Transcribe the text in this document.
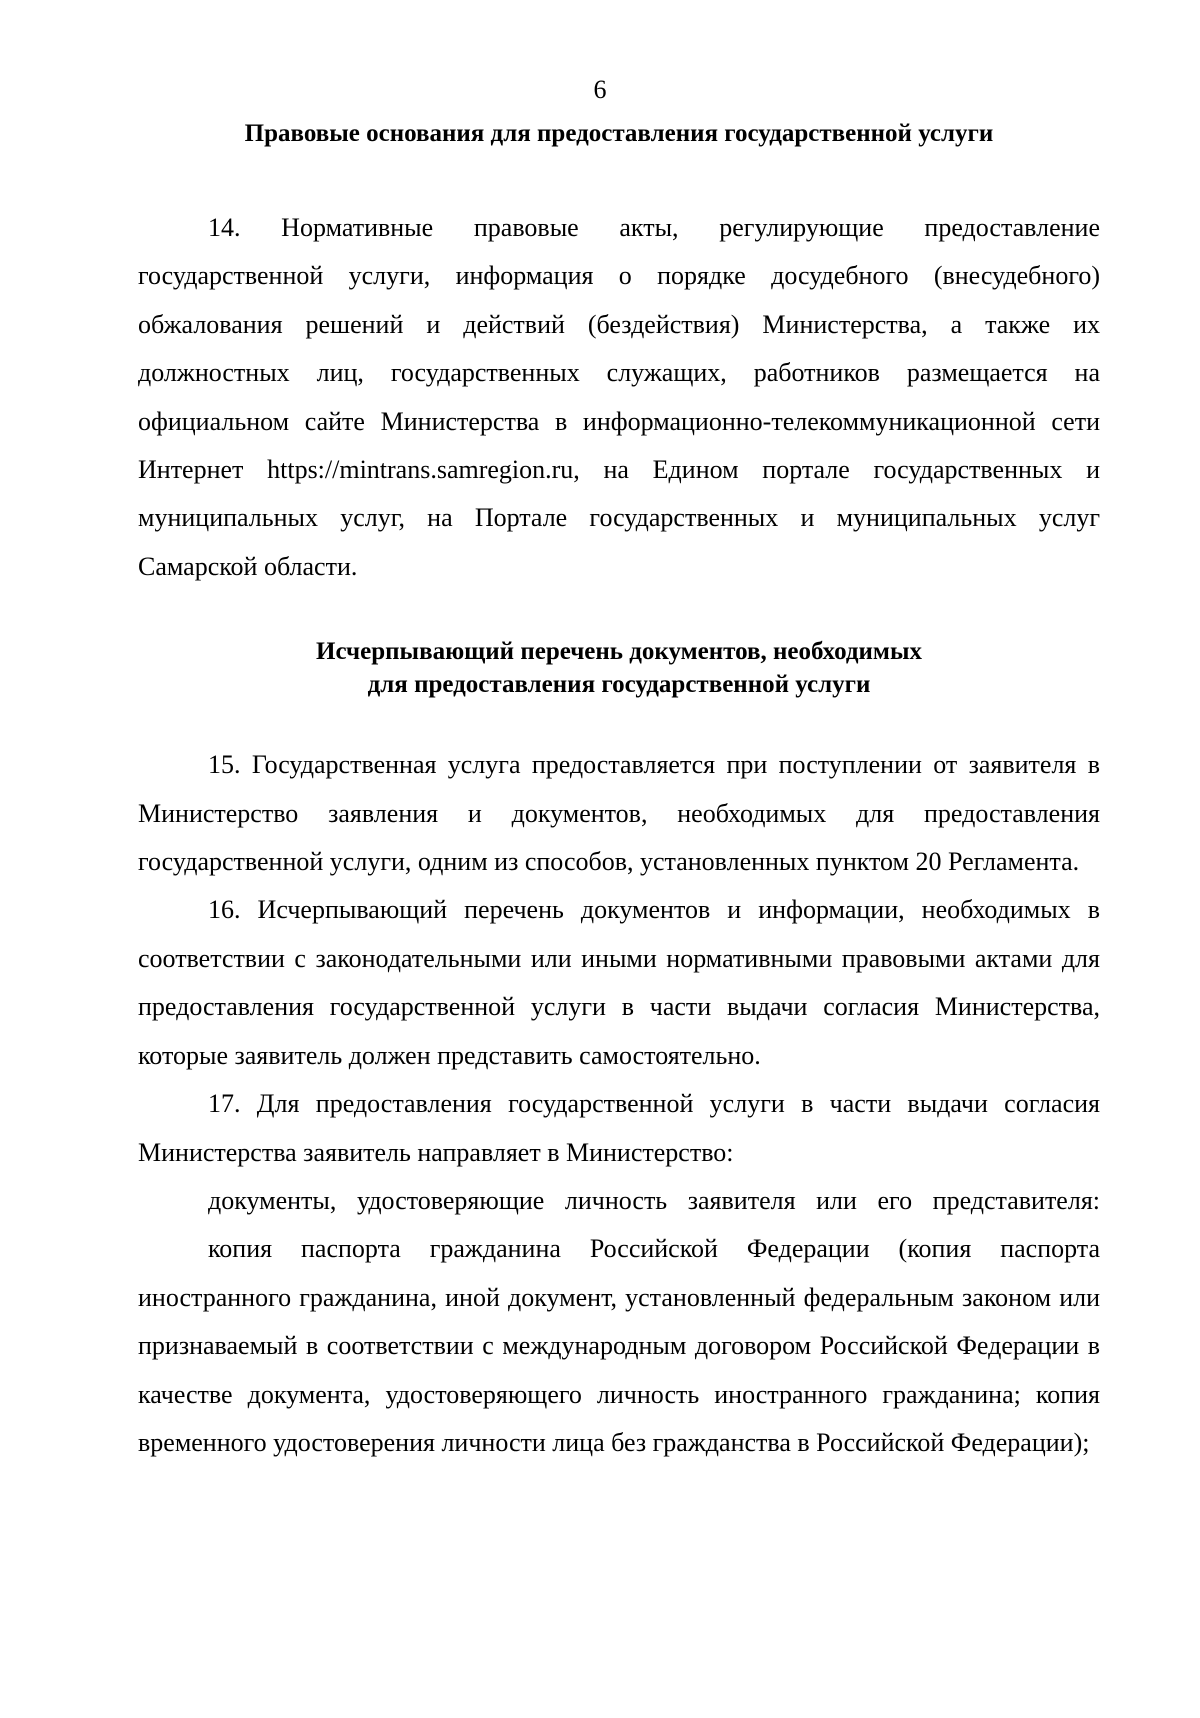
6
Правовые основания для предоставления государственной услуги

14. Нормативные правовые акты, регулирующие предоставление государственной услуги, информация о порядке досудебного (внесудебного) обжалования решений и действий (бездействия) Министерства, а также их должностных лиц, государственных служащих, работников размещается на официальном сайте Министерства в информационно-телекоммуникационной сети Интернет https://mintrans.samregion.ru, на Едином портале государственных и муниципальных услуг, на Портале государственных и муниципальных услуг Самарской области.

Исчерпывающий перечень документов, необходимых
для предоставления государственной услуги

15. Государственная услуга предоставляется при поступлении от заявителя в Министерство заявления и документов, необходимых для предоставления государственной услуги, одним из способов, установленных пунктом 20 Регламента.

16. Исчерпывающий перечень документов и информации, необходимых в соответствии с законодательными или иными нормативными правовыми актами для предоставления государственной услуги в части выдачи согласия Министерства, которые заявитель должен представить самостоятельно.

17. Для предоставления государственной услуги в части выдачи согласия Министерства заявитель направляет в Министерство:

документы, удостоверяющие личность заявителя или его представителя:

копия паспорта гражданина Российской Федерации (копия паспорта иностранного гражданина, иной документ, установленный федеральным законом или признаваемый в соответствии с международным договором Российской Федерации в качестве документа, удостоверяющего личность иностранного гражданина; копия временного удостоверения личности лица без гражданства в Российской Федерации);
